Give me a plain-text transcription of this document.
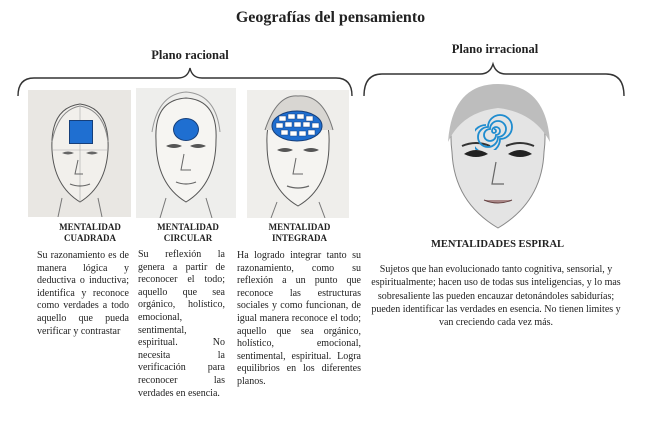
Geografías del pensamiento
Plano racional	Plano irracional
MENTALIDAD
CUADRADA
MENTALIDAD
CIRCULAR
MENTALIDAD
INTEGRADA
MENTALIDADES ESPIRAL
Su razonamiento es de manera lógica y deductiva o inductiva; identifica y reconoce como verdades a todo aquello que pueda verificar y contrastar
Su reflexión la genera a partir de reconocer el todo; aquello que sea orgánico, holístico, emocional, sentimental, espiritual. No necesita la verificación para reconocer las verdades en esencia.
Ha logrado integrar tanto su razonamiento, como su reflexión a un punto que reconoce las estructuras sociales y como funcionan, de igual manera reconoce el todo; aquello que sea orgánico, holístico, emocional, sentimental, espiritual. Logra equilibrios en los diferentes planos.
Sujetos que han evolucionado tanto cognitiva, sensorial, y espiritualmente; hacen uso de todas sus inteligencias, y lo mas sobresaliente las pueden encauzar detonándoles sabidurías; pueden identificar las verdades en esencia. No tienen limites y van creciendo cada vez más.
